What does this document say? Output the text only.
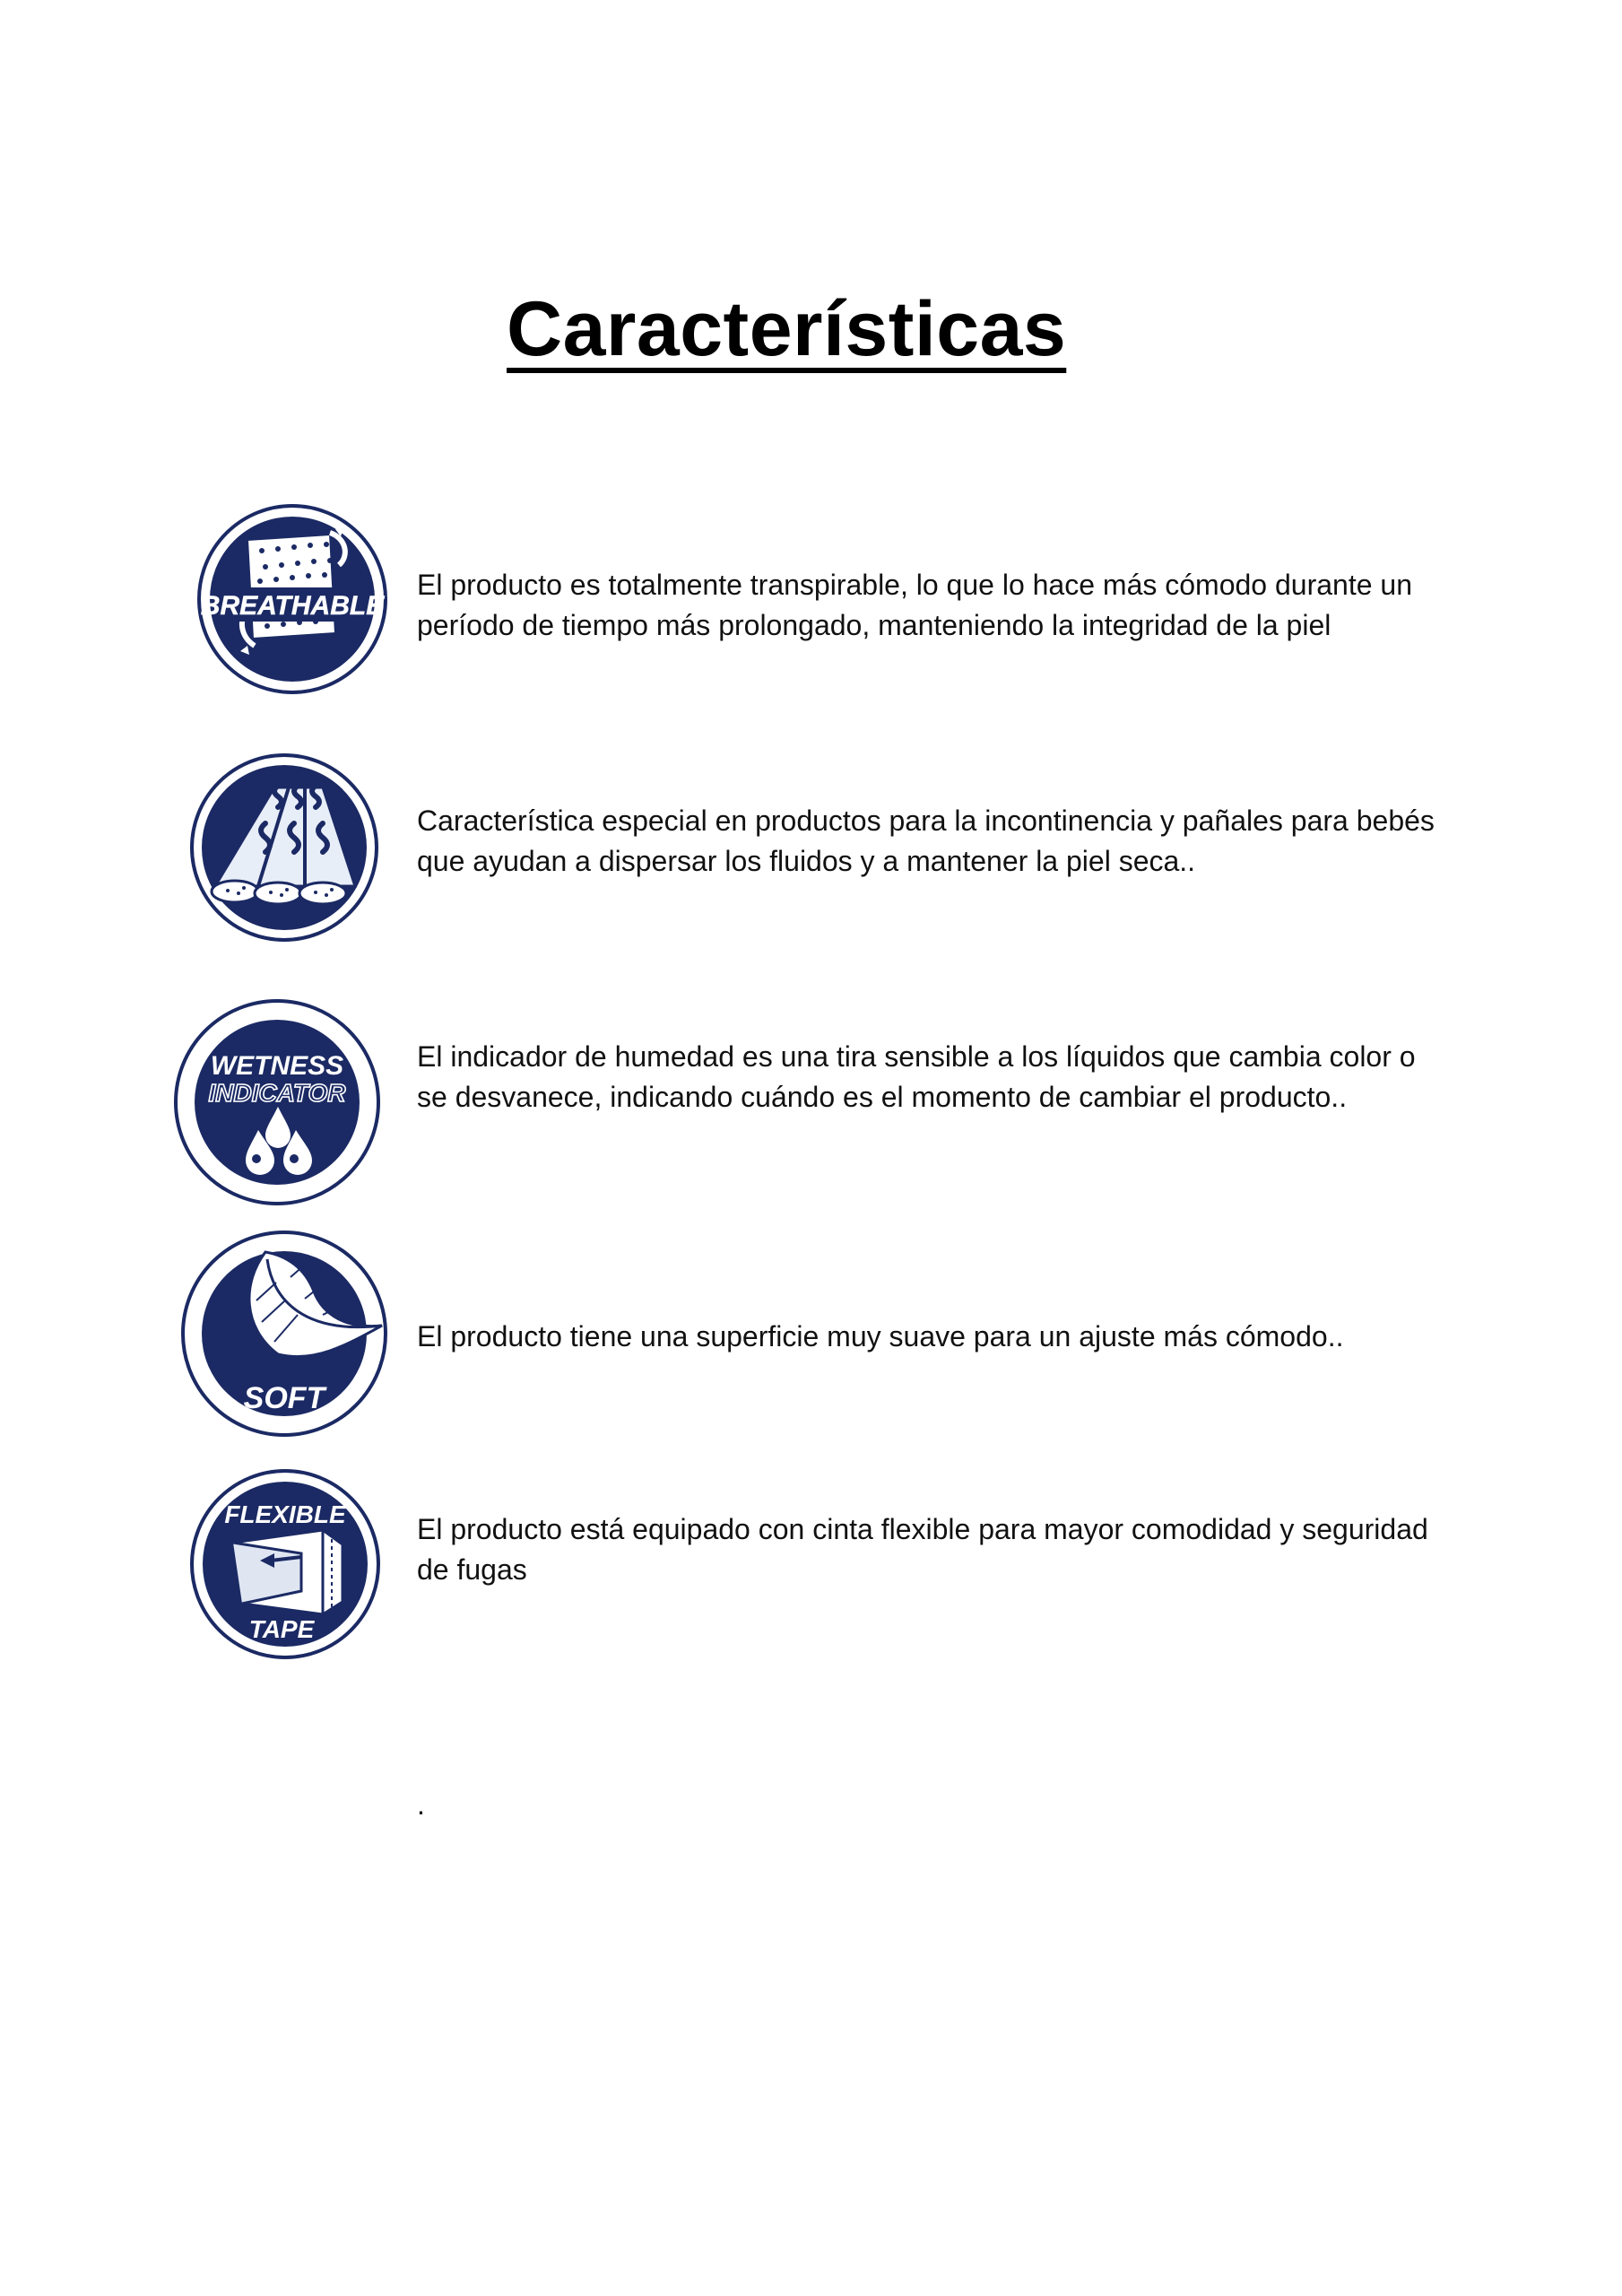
Características
BREATHABLE

El producto es totalmente transpirable, lo que lo hace más cómodo durante un período de tiempo más prolongado, manteniendo la integridad de la piel

Característica especial en productos para la incontinencia y pañales para bebés que ayudan a dispersar los fluidos y a mantener la piel seca..

WETNESS
INDICATOR

El indicador de humedad es una tira sensible a los líquidos que cambia color o se desvanece, indicando cuándo es el momento de cambiar el producto..

SOFT

El producto tiene una superficie muy suave para un ajuste más cómodo..

FLEXIBLE
TAPE

El producto está equipado con cinta flexible para mayor comodidad y seguridad de fugas

.
